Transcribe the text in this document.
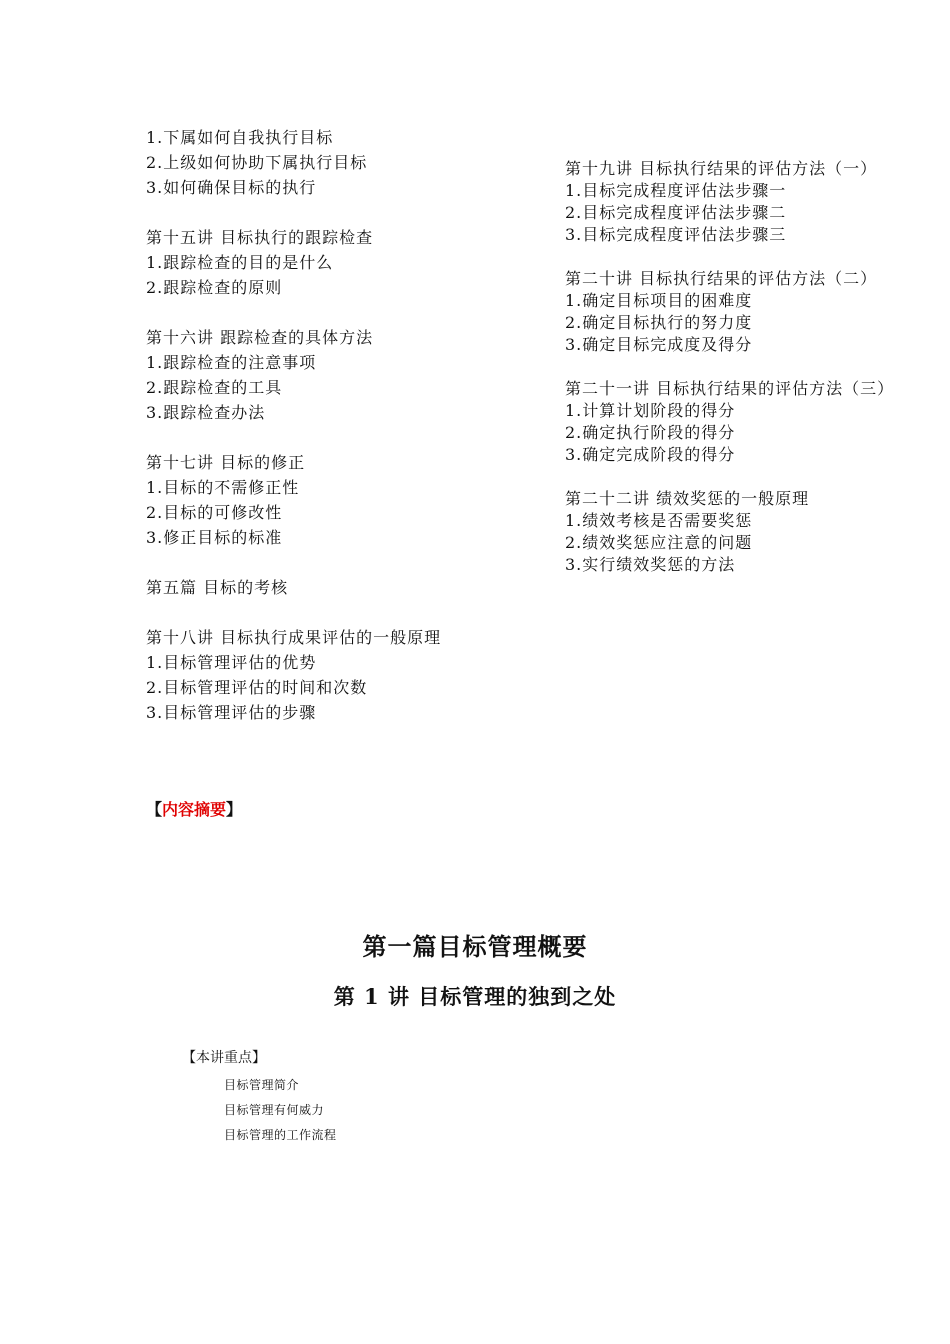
1.下属如何自我执行目标
2.上级如何协助下属执行目标
3.如何确保目标的执行
第十五讲 目标执行的跟踪检查
1.跟踪检查的目的是什么
2.跟踪检查的原则
第十六讲 跟踪检查的具体方法
1.跟踪检查的注意事项
2.跟踪检查的工具
3.跟踪检查办法
第十七讲 目标的修正
1.目标的不需修正性
2.目标的可修改性
3.修正目标的标准
第五篇 目标的考核
第十八讲 目标执行成果评估的一般原理
1.目标管理评估的优势
2.目标管理评估的时间和次数
3.目标管理评估的步骤
第十九讲 目标执行结果的评估方法（一）
1.目标完成程度评估法步骤一
2.目标完成程度评估法步骤二
3.目标完成程度评估法步骤三
第二十讲 目标执行结果的评估方法（二）
1.确定目标项目的困难度
2.确定目标执行的努力度
3.确定目标完成度及得分
第二十一讲 目标执行结果的评估方法（三）
1.计算计划阶段的得分
2.确定执行阶段的得分
3.确定完成阶段的得分
第二十二讲 绩效奖惩的一般原理
1.绩效考核是否需要奖惩
2.绩效奖惩应注意的问题
3.实行绩效奖惩的方法
【内容摘要】
第一篇目标管理概要
第 1 讲 目标管理的独到之处
【本讲重点】
目标管理简介
目标管理有何威力
目标管理的工作流程
